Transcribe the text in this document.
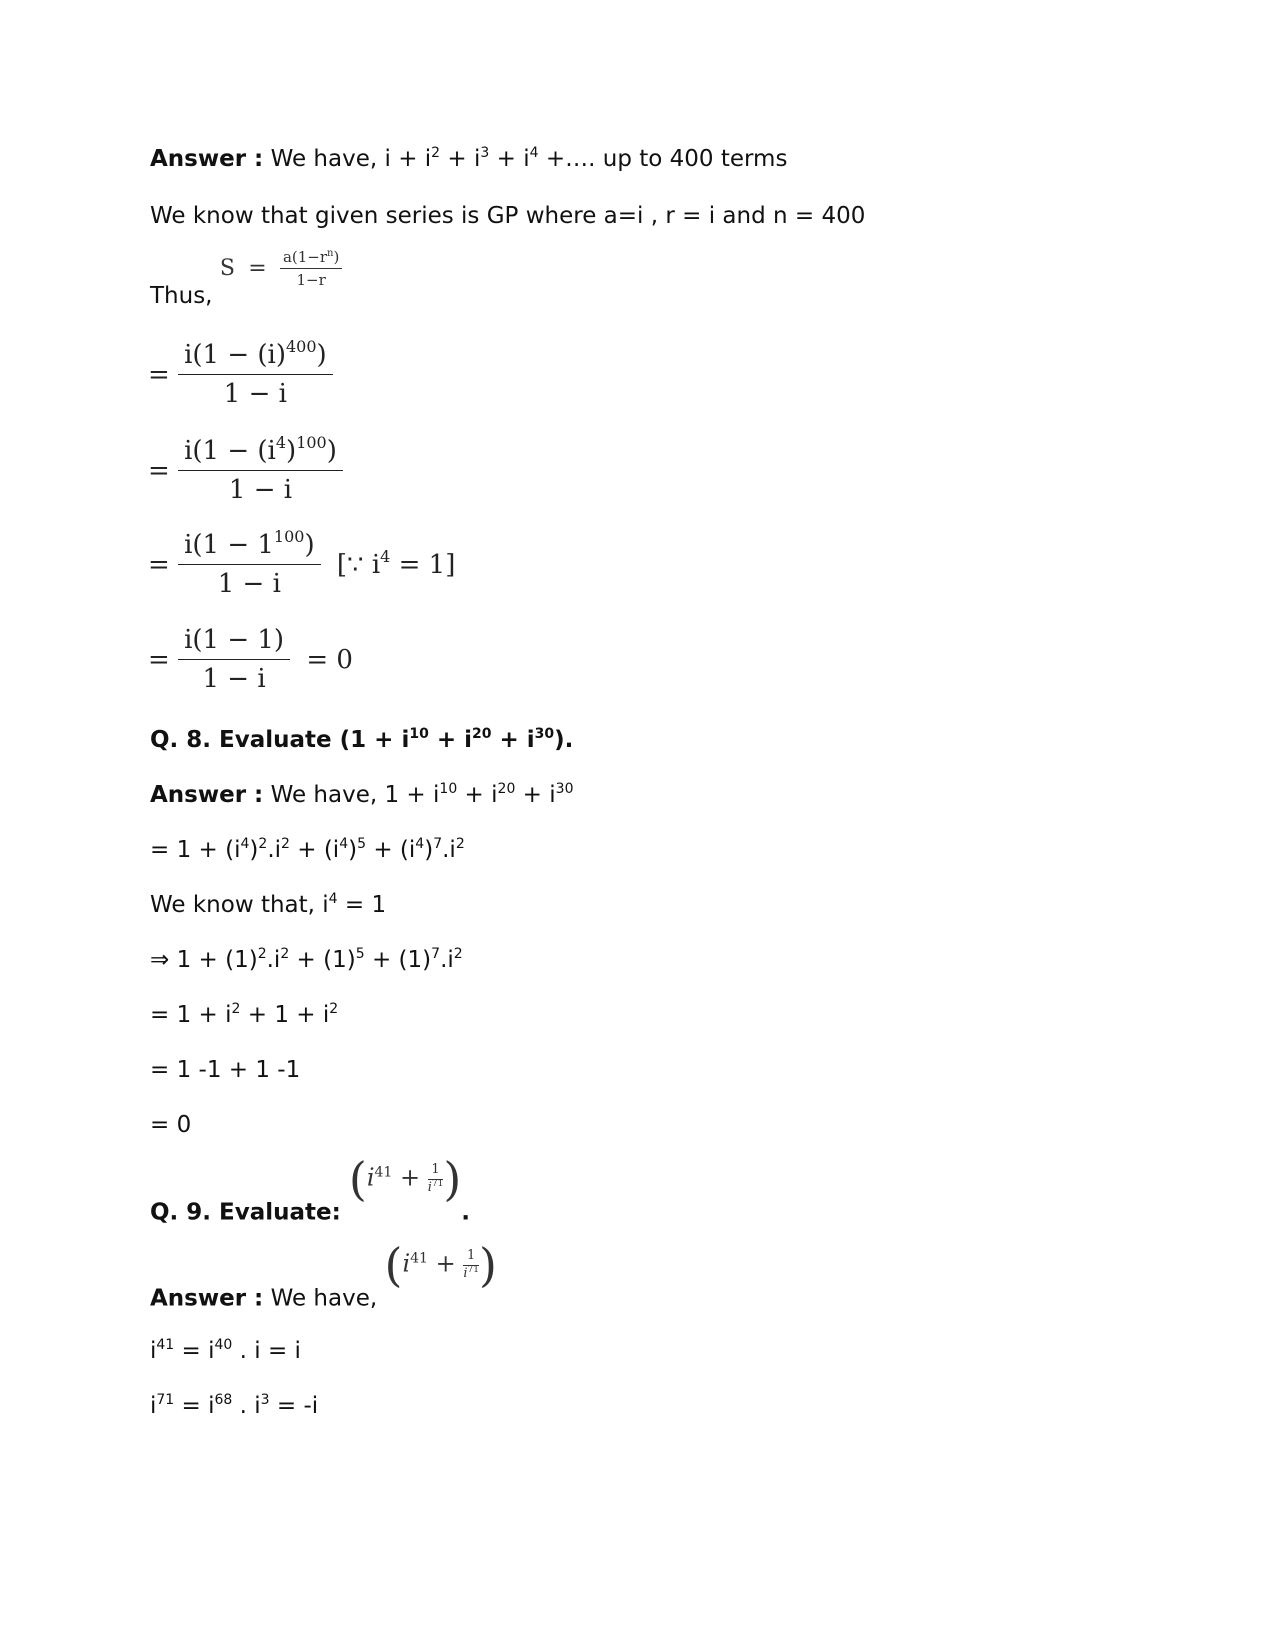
Answer : We have, $i + i^2 + i^3 + i^4$ +…. up to 400 terms
We know that given series is GP where a=i , r = i and n = 400
Thus, $S = \frac{a(1-r^n)}{1-r}$
= $\frac{i(1 - (i)^{400})}{1 - i}$
= $\frac{i(1 - (i^4)^{100})}{1 - i}$
= $\frac{i(1 - 1^{100})}{1 - i}$ [∵ $i^4 = 1$]
= $\frac{i(1 - 1)}{1 - i} = 0$
Q. 8. Evaluate $(1 + i^{10} + i^{20} + i^{30})$.
Answer : We have, $1 + i^{10} + i^{20} + i^{30}$
= $1 + (i^4)^2.i^2 + (i^4)^5 + (i^4)^7.i^2$
We know that, $i^4 = 1$
⇒ $1 + (1)^2.i^2 + (1)^5 + (1)^7.i^2$
= $1 + i^2 + 1 + i^2$
= 1 -1 + 1 -1
= 0
Q. 9. Evaluate: ($i^{41} + \frac{1}{i^{71}}$ ).
Answer : We have, ($i^{41} + \frac{1}{i^{71}}$ )
$i^{41} = i^{40}$ . i = i
$i^{71} = i^{68}$ . $i^3 = -i$
